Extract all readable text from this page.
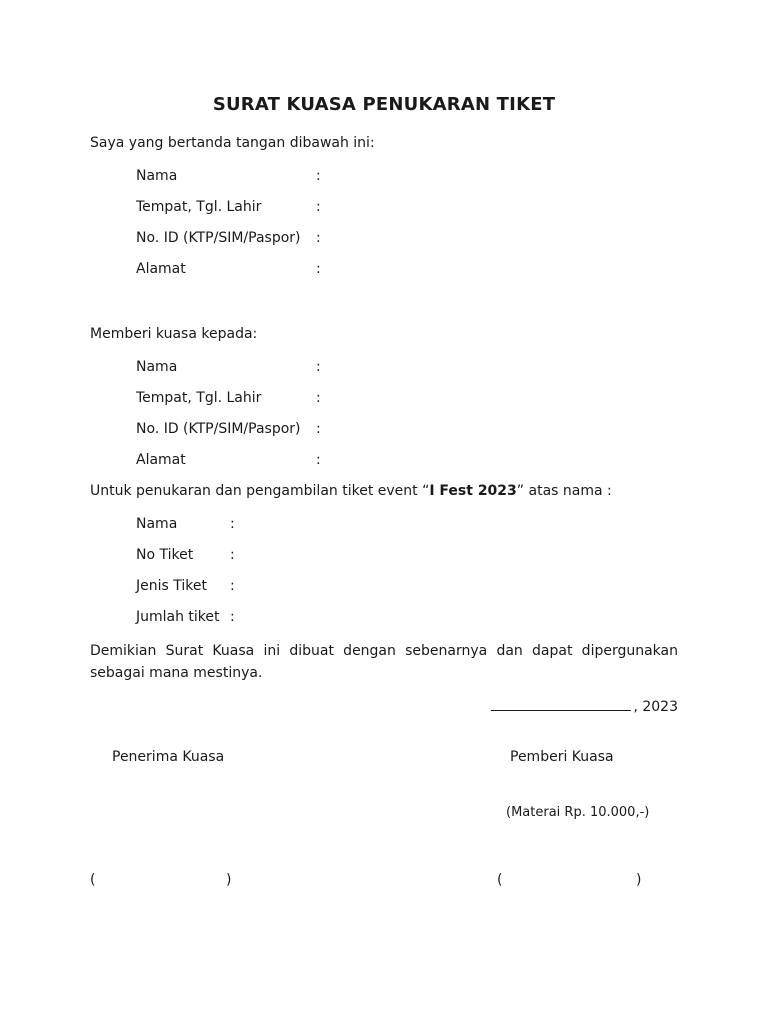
SURAT KUASA PENUKARAN TIKET
Saya yang bertanda tangan dibawah ini:
Nama	:
Tempat, Tgl. Lahir	:
No. ID (KTP/SIM/Paspor) :
Alamat	:
Memberi kuasa kepada:
Nama	:
Tempat, Tgl. Lahir	:
No. ID (KTP/SIM/Paspor) :
Alamat	:
Untuk penukaran dan pengambilan tiket event “I Fest 2023” atas nama :
Nama	:
No Tiket	:
Jenis Tiket :
Jumlah tiket :
Demikian Surat Kuasa ini dibuat dengan sebenarnya dan dapat dipergunakan sebagai mana mestinya.
, 2023
Penerima Kuasa	Pemberi Kuasa
(Materai Rp. 10.000,-)
(	)	(	)
